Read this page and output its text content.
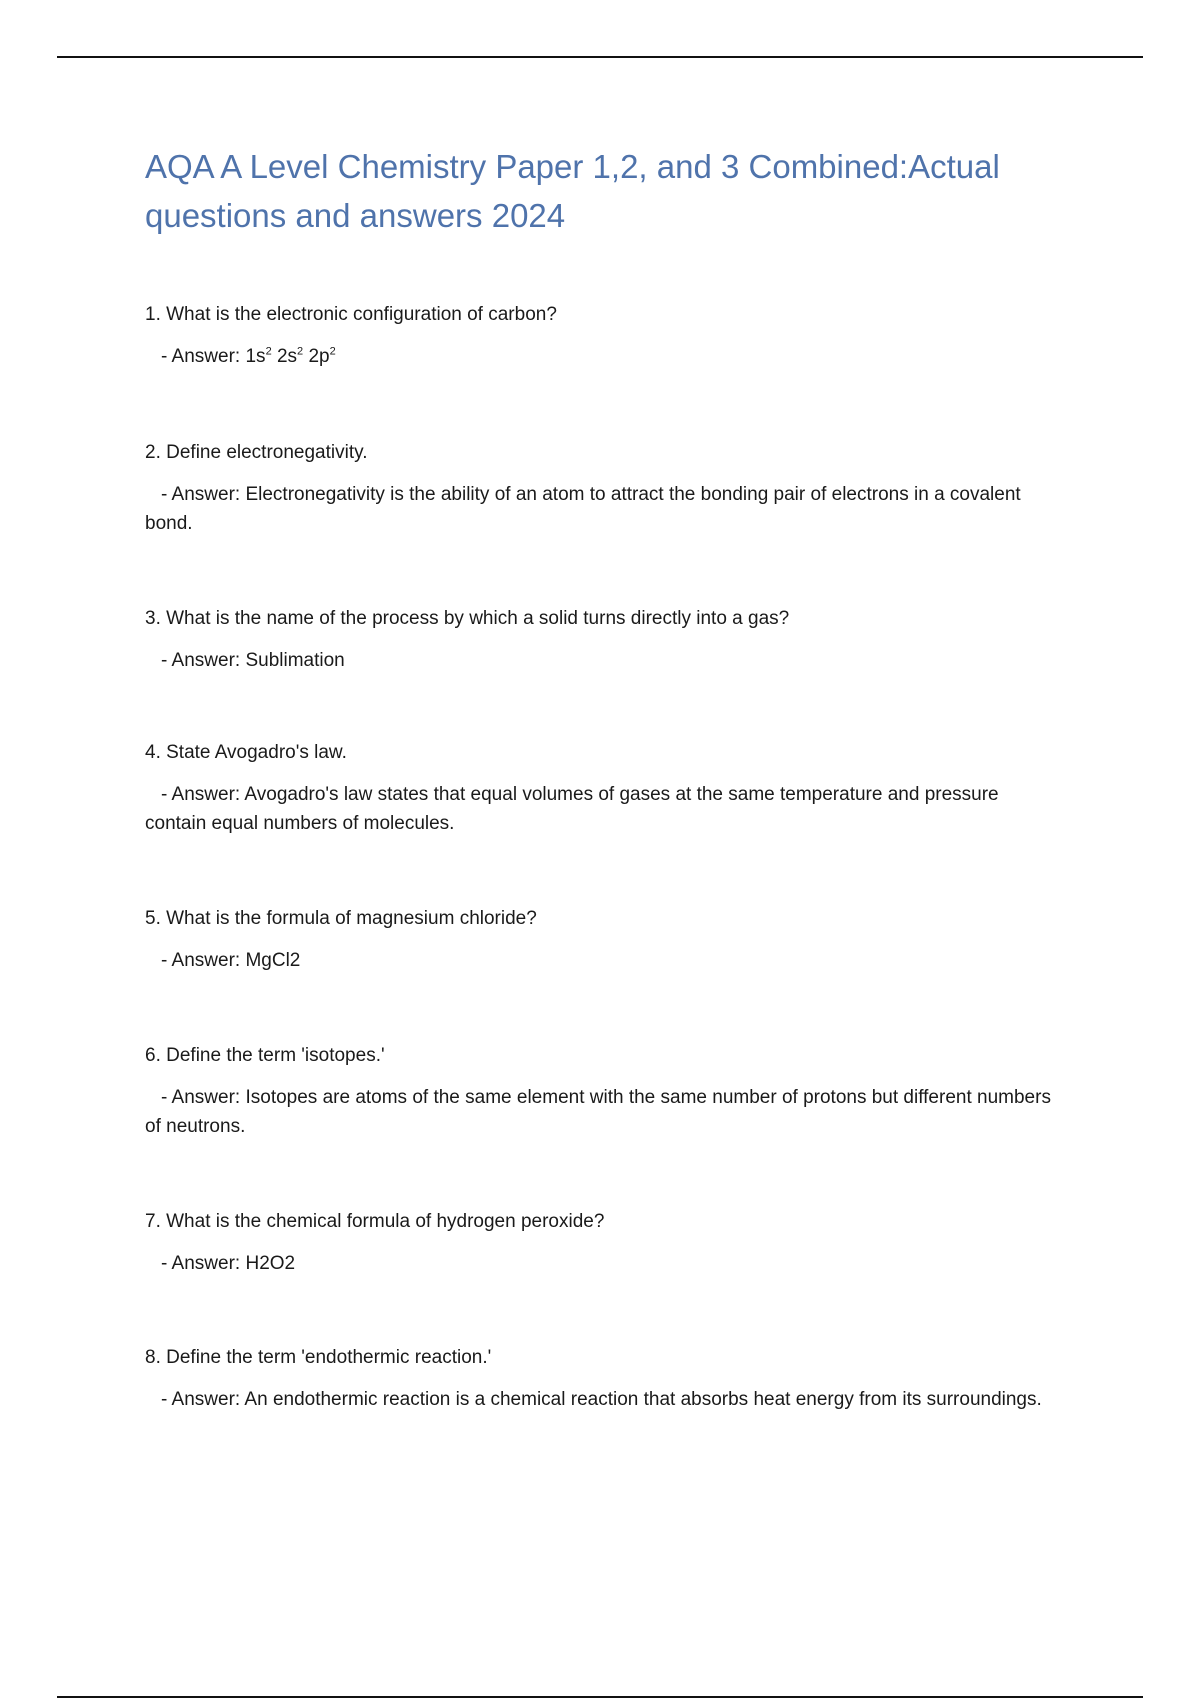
AQA A Level Chemistry Paper 1,2, and 3 Combined:Actual questions and answers 2024

1. What is the electronic configuration of carbon?

- Answer: $1s^2$ $2s^2$ $2p^2$

2. Define electronegativity.

- Answer: Electronegativity is the ability of an atom to attract the bonding pair of electrons in a covalent bond.

3. What is the name of the process by which a solid turns directly into a gas?

- Answer: Sublimation

4. State Avogadro's law.

- Answer: Avogadro's law states that equal volumes of gases at the same temperature and pressure contain equal numbers of molecules.

5. What is the formula of magnesium chloride?

- Answer: MgCl2

6. Define the term 'isotopes.'

- Answer: Isotopes are atoms of the same element with the same number of protons but different numbers of neutrons.

7. What is the chemical formula of hydrogen peroxide?

- Answer: H2O2

8. Define the term 'endothermic reaction.'

- Answer: An endothermic reaction is a chemical reaction that absorbs heat energy from its surroundings.
